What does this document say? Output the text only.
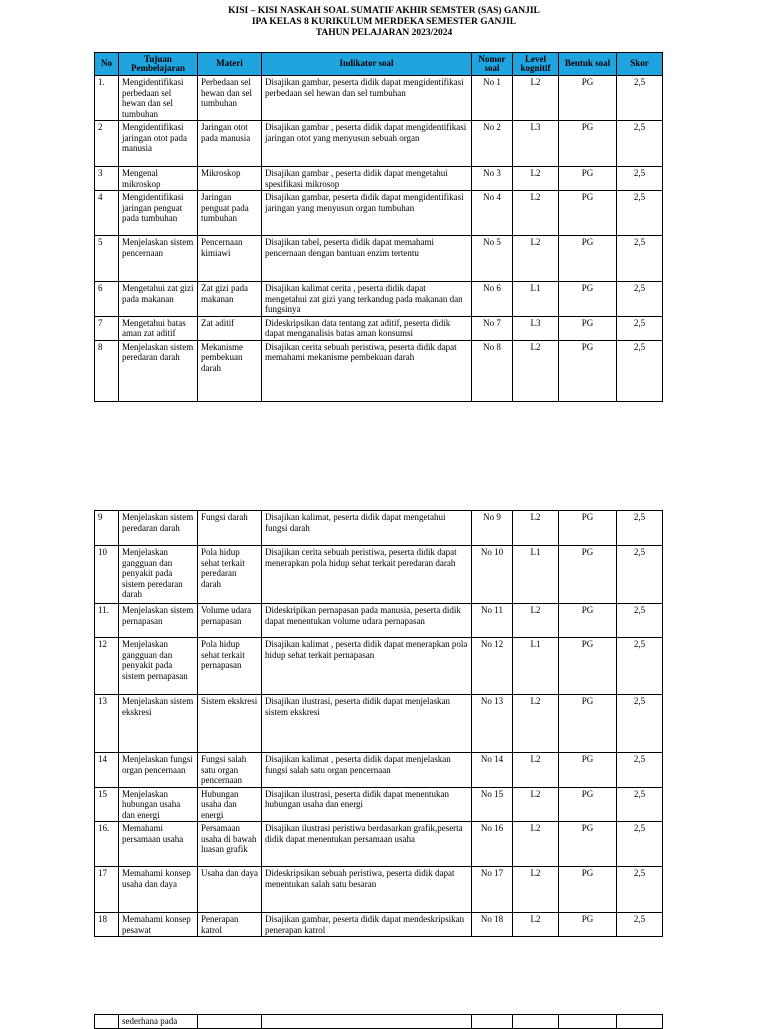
KISI – KISI NASKAH SOAL SUMATIF AKHIR SEMSTER (SAS) GANJIL
IPA KELAS 8 KURIKULUM MERDEKA SEMESTER GANJIL
TAHUN PELAJARAN 2023/2024
No	Tujuan Pembelajaran	Materi	Indikator soal	Nomor soal	Level kognitif	Bentuk soal	Skor
1.	Mengidentifikasi perbedaan sel hewan dan sel tumbuhan	Perbedaan sel hewan dan sel tumbuhan	Disajikan gambar, peserta didik dapat mengidentifikasi perbedaan sel hewan dan sel tumbuhan	No 1	L2	PG	2,5
2	Mengidentifikasi jaringan otot pada manusia	Jaringan otot pada manusia	Disajikan gambar , peserta didik dapat mengidentifikasi jaringan otot yang menyusun sebuah organ	No 2	L3	PG	2,5
3	Mengenal mikroskop	Mikroskop	Disajikan gambar , peserta didik dapat mengetahui spesifikasi mikrosop	No 3	L2	PG	2,5
4	Mengidentifikasi jaringan penguat pada tumbuhan	Jaringan penguat pada tumbuhan	Disajikan gambar, peserta didik dapat mengidentifikasi jaringan yang menyusun organ tumbuhan	No 4	L2	PG	2,5
5	Menjelaskan sistem pencernaan	Pencernaan kimiawi	Disajikan tabel, peserta didik dapat memahami pencernaan dengan bantuan enzim tertentu	No 5	L2	PG	2,5
6	Mengetahui zat gizi pada makanan	Zat gizi pada makanan	Disajikan kalimat cerita , peserta didik dapat mengetahui zat gizi yang terkandug pada makanan dan fungsinya	No 6	L1	PG	2,5
7	Mengetahui batas aman zat aditif	Zat aditif	Dideskripsikan data tentang zat aditif, peserta didik dapat menganalisis batas aman konsumsi	No 7	L3	PG	2,5
8	Menjelaskan sistem peredaran darah	Mekanisme pembekuan darah	Disajikan cerita sebuah peristiwa, peserta didik dapat memahami mekanisme pembekuan darah	No 8	L2	PG	2,5
9	Menjelaskan sistem peredaran darah	Fungsi darah	Disajikan kalimat, peserta didik dapat mengetahui fungsi darah	No 9	L2	PG	2,5
10	Menjelaskan gangguan dan penyakit pada sistem peredaran darah	Pola hidup sehat terkait peredaran darah	Disajikan cerita sebuah peristiwa, peserta didik dapat menerapkan pola hidup sehat terkait peredaran darah	No 10	L1	PG	2,5
11.	Menjelaskan sistem pernapasan	Volume udara pernapasan	Dideskripikan pernapasan pada manusia, peserta didik dapat menentukan volume udara pernapasan	No 11	L2	PG	2,5
12	Menjelaskan gangguan dan penyakit pada sistem pernapasan	Pola hidup sehat terkait pernapasan	Disajikan kalimat , peserta didik dapat menerapkan pola hidup sehat terkait pernapasan	No 12	L1	PG	2,5
13	Menjelaskan sistem ekskresi	Sistem ekskresi	Disajikan ilustrasi, peserta didik dapat menjelaskan sistem ekskresi	No 13	L2	PG	2,5
14	Menjelaskan fungsi organ pencernaan	Fungsi salah satu organ pencernaan	Disajikan kalimat , peserta didik dapat menjelaskan fungsi salah satu organ pencernaan	No 14	L2	PG	2,5
15	Menjelaskan hubungan usaha dan energi	Hubungan usaha dan energi	Disajikan ilustrasi, peserta didik dapat menentukan hubungan usaha dan energi	No 15	L2	PG	2,5
16.	Memahami persamaan usaha	Persamaan usaha di bawah luasan grafik	Disajikan ilustrasi peristiwa berdasarkan grafik,peserta didik dapat menentukan persamaan usaha	No 16	L2	PG	2,5
17	Memahami konsep usaha dan daya	Usaha dan daya	Dideskripsikan sebuah peristiwa, peserta didik dapat menentukan salah satu besaran	No 17	L2	PG	2,5
18	Memahami konsep pesawat	Penerapan katrol	Disajikan gambar, peserta didik dapat mendeskripsikan penerapan katrol	No 18	L2	PG	2,5
	sederhana pada						
